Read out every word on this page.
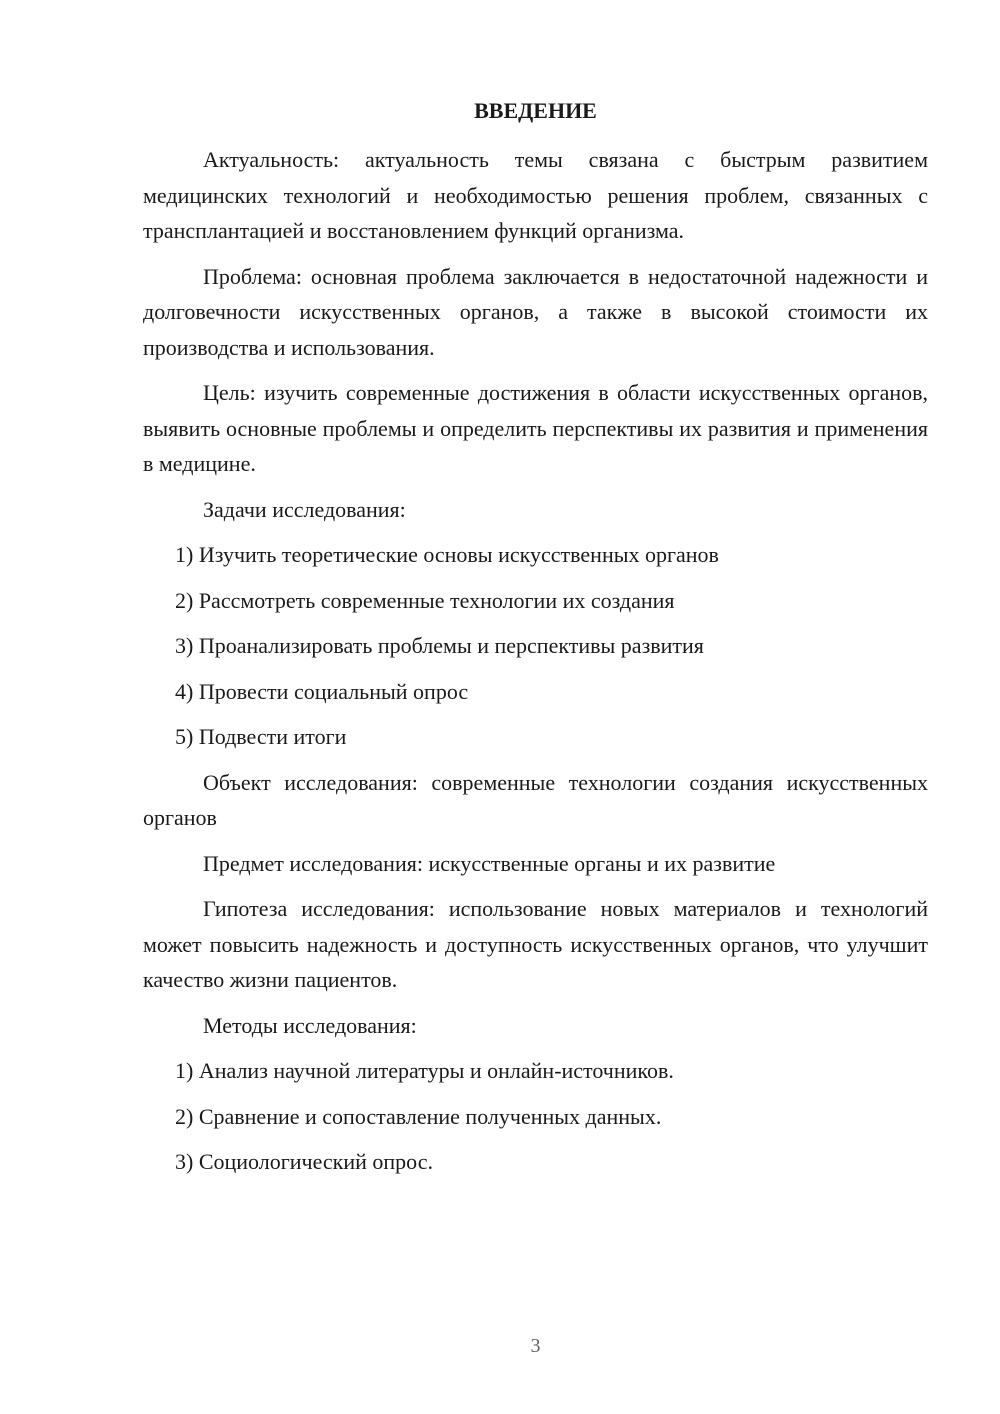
ВВЕДЕНИЕ

Актуальность: актуальность темы связана с быстрым развитием медицинских технологий и необходимостью решения проблем, связанных с трансплантацией и восстановлением функций организма.

Проблема: основная проблема заключается в недостаточной надежности и долговечности искусственных органов, а также в высокой стоимости их производства и использования.

Цель: изучить современные достижения в области искусственных органов, выявить основные проблемы и определить перспективы их развития и применения в медицине.

Задачи исследования:

1) Изучить теоретические основы искусственных органов

2) Рассмотреть современные технологии их создания

3) Проанализировать проблемы и перспективы развития

4) Провести социальный опрос

5) Подвести итоги

Объект исследования: современные технологии создания искусственных органов

Предмет исследования: искусственные органы и их развитие

Гипотеза исследования: использование новых материалов и технологий может повысить надежность и доступность искусственных органов, что улучшит качество жизни пациентов.

Методы исследования:

1) Анализ научной литературы и онлайн-источников.

2) Сравнение и сопоставление полученных данных.

3) Социологический опрос.

3
